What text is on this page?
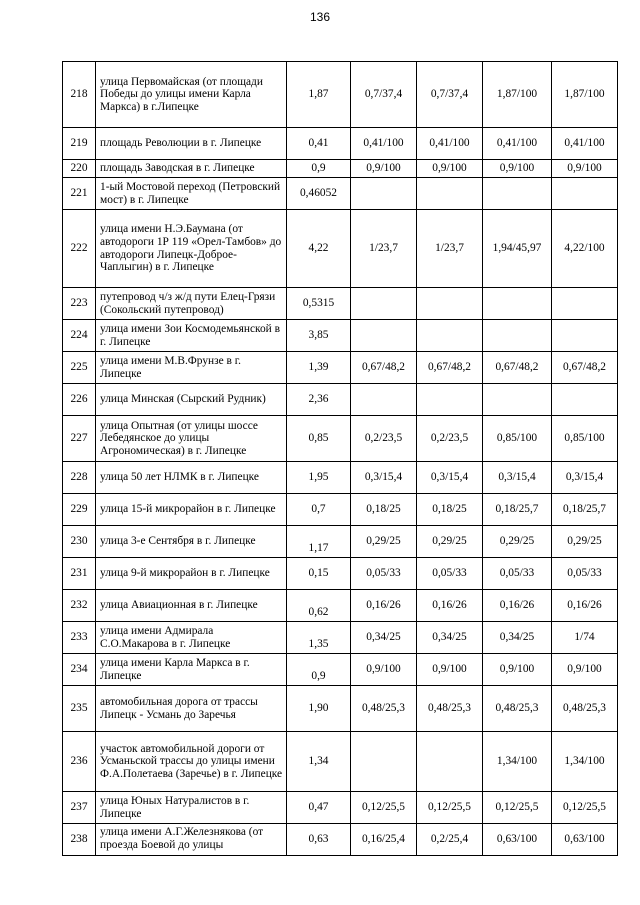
136
218	улица Первомайская (от площади Победы до улицы имени Карла Маркса) в г.Липецке	1,87	0,7/37,4	0,7/37,4	1,87/100	1,87/100
219	площадь Революции в г. Липецке	0,41	0,41/100	0,41/100	0,41/100	0,41/100
220	площадь Заводская в г. Липецке	0,9	0,9/100	0,9/100	0,9/100	0,9/100
221	1-ый Мостовой переход (Петровский мост) в г. Липецке	0,46052				
222	улица имени Н.Э.Баумана (от автодороги 1Р 119 «Орел-Тамбов» до автодороги Липецк-Доброе-Чаплыгин) в г. Липецке	4,22	1/23,7	1/23,7	1,94/45,97	4,22/100
223	путепровод ч/з ж/д пути Елец-Грязи (Сокольский путепровод)	0,5315				
224	улица имени Зои Космодемьянской в г. Липецке	3,85				
225	улица имени М.В.Фрунзе в г. Липецке	1,39	0,67/48,2	0,67/48,2	0,67/48,2	0,67/48,2
226	улица Минская (Сырский Рудник)	2,36				
227	улица Опытная (от улицы шоссе Лебедянское до улицы Агрономическая) в г. Липецке	0,85	0,2/23,5	0,2/23,5	0,85/100	0,85/100
228	улица 50 лет НЛМК в г. Липецке	1,95	0,3/15,4	0,3/15,4	0,3/15,4	0,3/15,4
229	улица 15-й микрорайон в г. Липецке	0,7	0,18/25	0,18/25	0,18/25,7	0,18/25,7
230	улица 3-е Сентября в г. Липецке	1,17	0,29/25	0,29/25	0,29/25	0,29/25
231	улица 9-й микрорайон в г. Липецке	0,15	0,05/33	0,05/33	0,05/33	0,05/33
232	улица Авиационная в г. Липецке	0,62	0,16/26	0,16/26	0,16/26	0,16/26
233	улица имени Адмирала С.О.Макарова в г. Липецке	1,35	0,34/25	0,34/25	0,34/25	1/74
234	улица имени Карла Маркса в г. Липецке	0,9	0,9/100	0,9/100	0,9/100	0,9/100
235	автомобильная дорога от трассы Липецк - Усмань до Заречья	1,90	0,48/25,3	0,48/25,3	0,48/25,3	0,48/25,3
236	участок автомобильной дороги от Усманьской трассы до улицы имени Ф.А.Полетаева (Заречье) в г. Липецке	1,34			1,34/100	1,34/100
237	улица Юных Натуралистов в г. Липецке	0,47	0,12/25,5	0,12/25,5	0,12/25,5	0,12/25,5
238	улица имени А.Г.Железнякова (от проезда Боевой до улицы	0,63	0,16/25,4	0,2/25,4	0,63/100	0,63/100
